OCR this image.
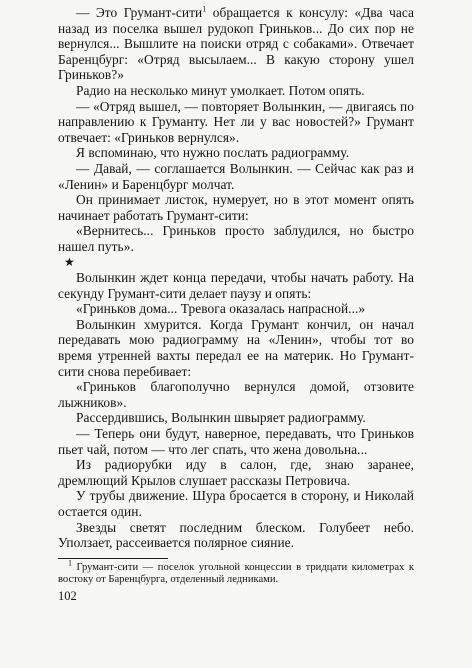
— Это Грумант-сити$^1$ обращается к консулу: «Два часа назад из поселка вышел рудокоп Гриньков... До сих пор не вернулся... Вышлите на поиски отряд с собаками». Отвечает Баренцбург: «Отряд высылаем... В какую сторону ушел Гриньков?»

Радио на несколько минут умолкает. Потом опять.

— «Отряд вышел, — повторяет Волынкин, — двигаясь по направлению к Груманту. Нет ли у вас новостей?» Грумант отвечает: «Гриньков вернулся».

Я вспоминаю, что нужно послать радиограмму.

— Давай, — соглашается Волынкин. — Сейчас как раз и «Ленин» и Баренцбург молчат.

Он принимает листок, нумерует, но в этот момент опять начинает работать Грумант-сити:

«Вернитесь... Гриньков просто заблудился, но быстро нашел путь».

★

Волынкин ждет конца передачи, чтобы начать работу. На секунду Грумант-сити делает паузу и опять:

«Гриньков дома... Тревога оказалась напрасной...»

Волынкин хмурится. Когда Грумант кончил, он начал передавать мою радиограмму на «Ленин», чтобы тот во время утренней вахты передал ее на материк. Но Грумант-сити снова перебивает:

«Гриньков благополучно вернулся домой, отзовите лыжников».

Рассердившись, Волынкин швыряет радиограмму.

— Теперь они будут, наверное, передавать, что Гриньков пьет чай, потом — что лег спать, что жена довольна...

Из радиорубки иду в салон, где, знаю заранее, дремлющий Крылов слушает рассказы Петровича.

У трубы движение. Шура бросается в сторону, и Николай остается один.

Звезды светят последним блеском. Голубеет небо. Уползает, рассеивается полярное сияние.

$^1$ Грумант-сити — поселок угольной концессии в тридцати километрах к востоку от Баренцбурга, отделенный ледниками.

102
